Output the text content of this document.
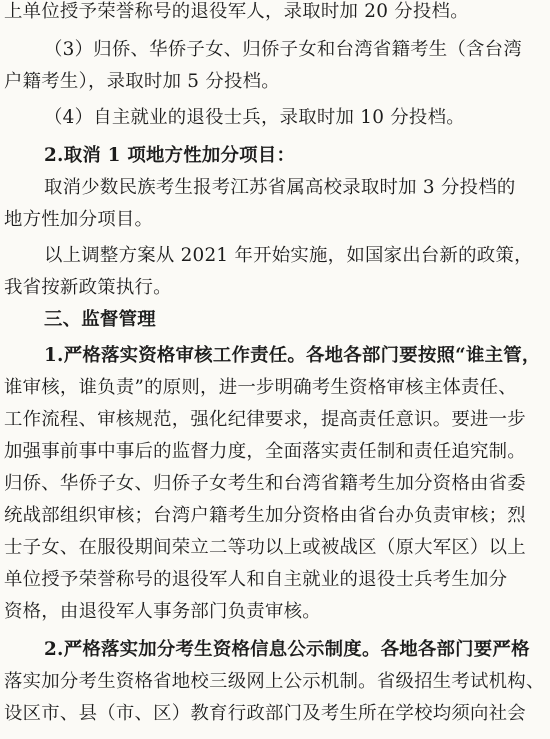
上单位授予荣誉称号的退役军人，录取时加 20 分投档。
（3）归侨、华侨子女、归侨子女和台湾省籍考生（含台湾
户籍考生），录取时加 5 分投档。
（4）自主就业的退役士兵，录取时加 10 分投档。
2.取消 1 项地方性加分项目：
取消少数民族考生报考江苏省属高校录取时加 3 分投档的
地方性加分项目。
以上调整方案从 2021 年开始实施，如国家出台新的政策，
我省按新政策执行。
三、监督管理
1.严格落实资格审核工作责任。各地各部门要按照“谁主管，
谁审核，谁负责”的原则，进一步明确考生资格审核主体责任、
工作流程、审核规范，强化纪律要求，提高责任意识。要进一步
加强事前事中事后的监督力度，全面落实责任制和责任追究制。
归侨、华侨子女、归侨子女考生和台湾省籍考生加分资格由省委
统战部组织审核；台湾户籍考生加分资格由省台办负责审核；烈
士子女、在服役期间荣立二等功以上或被战区（原大军区）以上
单位授予荣誉称号的退役军人和自主就业的退役士兵考生加分
资格，由退役军人事务部门负责审核。
2.严格落实加分考生资格信息公示制度。各地各部门要严格
落实加分考生资格省地校三级网上公示机制。省级招生考试机构、
设区市、县（市、区）教育行政部门及考生所在学校均须向社会
